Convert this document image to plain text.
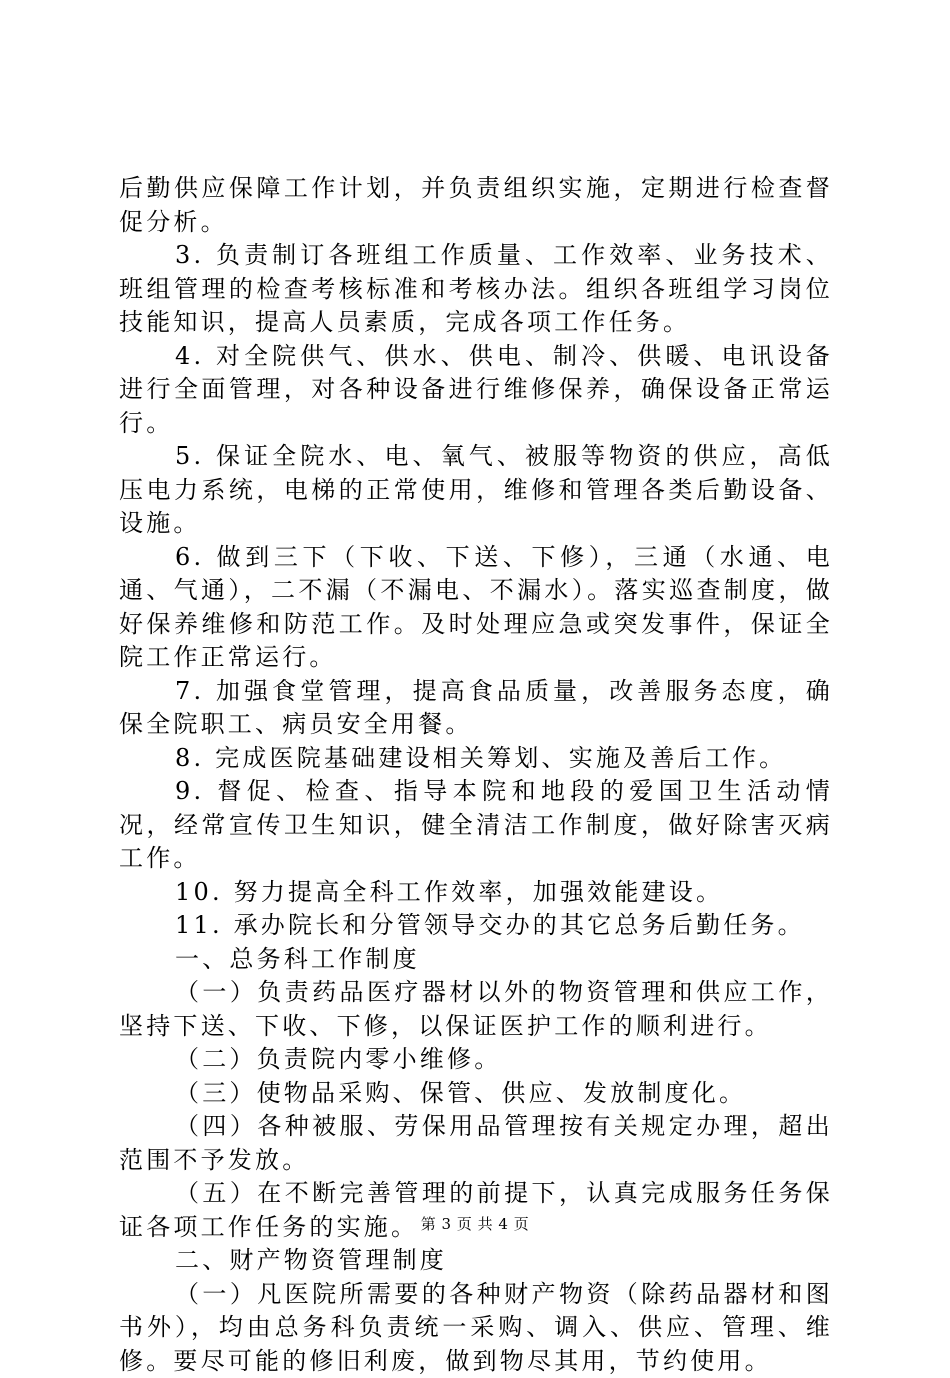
后勤供应保障工作计划，并负责组织实施，定期进行检查督促分析。

3. 负责制订各班组工作质量、工作效率、业务技术、班组管理的检查考核标准和考核办法。组织各班组学习岗位技能知识，提高人员素质，完成各项工作任务。

4. 对全院供气、供水、供电、制冷、供暖、电讯设备进行全面管理，对各种设备进行维修保养，确保设备正常运行。

5. 保证全院水、电、氧气、被服等物资的供应，高低压电力系统，电梯的正常使用，维修和管理各类后勤设备、设施。

6. 做到三下（下收、下送、下修），三通（水通、电通、气通），二不漏（不漏电、不漏水）。落实巡查制度，做好保养维修和防范工作。及时处理应急或突发事件，保证全院工作正常运行。

7. 加强食堂管理，提高食品质量，改善服务态度，确保全院职工、病员安全用餐。

8. 完成医院基础建设相关筹划、实施及善后工作。

9. 督促、检查、指导本院和地段的爱国卫生活动情况，经常宣传卫生知识，健全清洁工作制度，做好除害灭病工作。

10. 努力提高全科工作效率，加强效能建设。

11. 承办院长和分管领导交办的其它总务后勤任务。

一、总务科工作制度

（一）负责药品医疗器材以外的物资管理和供应工作，坚持下送、下收、下修，以保证医护工作的顺利进行。

（二）负责院内零小维修。

（三）使物品采购、保管、供应、发放制度化。

（四）各种被服、劳保用品管理按有关规定办理，超出范围不予发放。

（五）在不断完善管理的前提下，认真完成服务任务保证各项工作任务的实施。

二、财产物资管理制度

（一）凡医院所需要的各种财产物资（除药品器材和图书外），均由总务科负责统一采购、调入、供应、管理、维修。要尽可能的修旧利废，做到物尽其用，节约使用。

第 3 页 共 4 页
